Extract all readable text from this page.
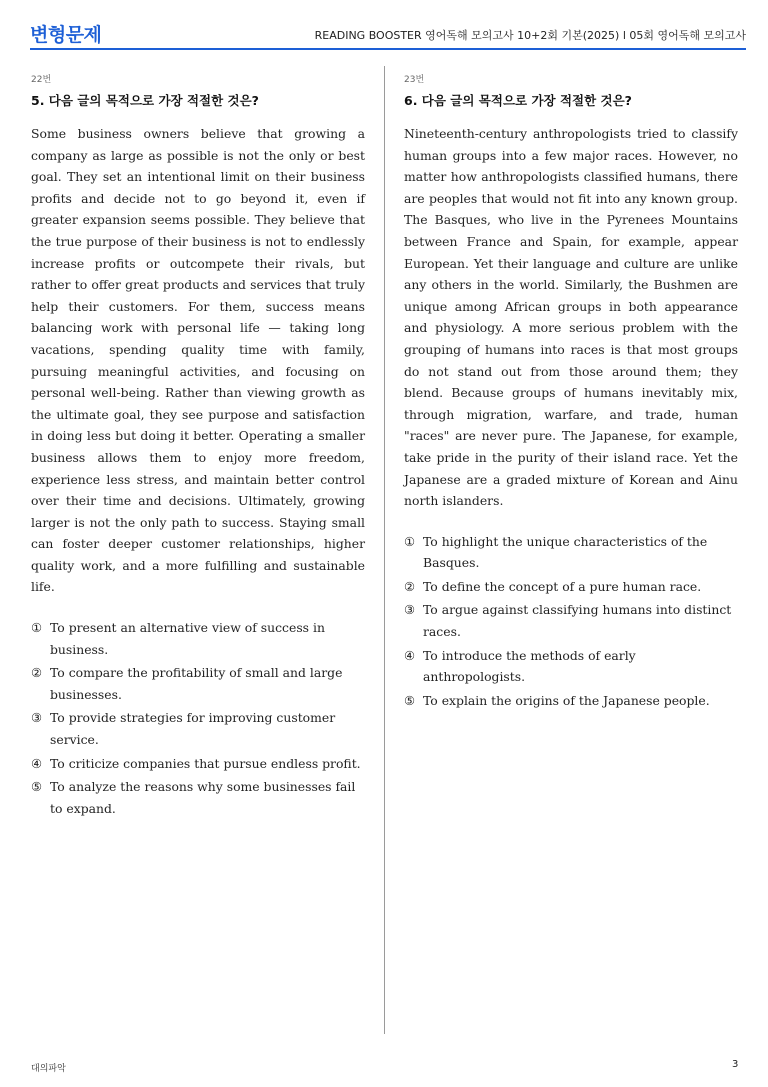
변형문제	READING BOOSTER 영어독해 모의고사 10+2회 기본(2025) l 05회 영어독해 모의고사
22번
5. 다음 글의 목적으로 가장 적절한 것은?

Some business owners believe that growing a company as large as possible is not the only or best goal. They set an intentional limit on their business profits and decide not to go beyond it, even if greater expansion seems possible. They believe that the true purpose of their business is not to endlessly increase profits or outcompete their rivals, but rather to offer great products and services that truly help their customers. For them, success means balancing work with personal life — taking long vacations, spending quality time with family, pursuing meaningful activities, and focusing on personal well-being. Rather than viewing growth as the ultimate goal, they see purpose and satisfaction in doing less but doing it better. Operating a smaller business allows them to enjoy more freedom, experience less stress, and maintain better control over their time and decisions. Ultimately, growing larger is not the only path to success. Staying small can foster deeper customer relationships, higher quality work, and a more fulfilling and sustainable life.

① To present an alternative view of success in business.
② To compare the profitability of small and large businesses.
③ To provide strategies for improving customer service.
④ To criticize companies that pursue endless profit.
⑤ To analyze the reasons why some businesses fail to expand.
23번
6. 다음 글의 목적으로 가장 적절한 것은?

Nineteenth-century anthropologists tried to classify human groups into a few major races. However, no matter how anthropologists classified humans, there are peoples that would not fit into any known group. The Basques, who live in the Pyrenees Mountains between France and Spain, for example, appear European. Yet their language and culture are unlike any others in the world. Similarly, the Bushmen are unique among African groups in both appearance and physiology. A more serious problem with the grouping of humans into races is that most groups do not stand out from those around them; they blend. Because groups of humans inevitably mix, through migration, warfare, and trade, human "races" are never pure. The Japanese, for example, take pride in the purity of their island race. Yet the Japanese are a graded mixture of Korean and Ainu north islanders.

① To highlight the unique characteristics of the Basques.
② To define the concept of a pure human race.
③ To argue against classifying humans into distinct races.
④ To introduce the methods of early anthropologists.
⑤ To explain the origins of the Japanese people.
대의파악	3
